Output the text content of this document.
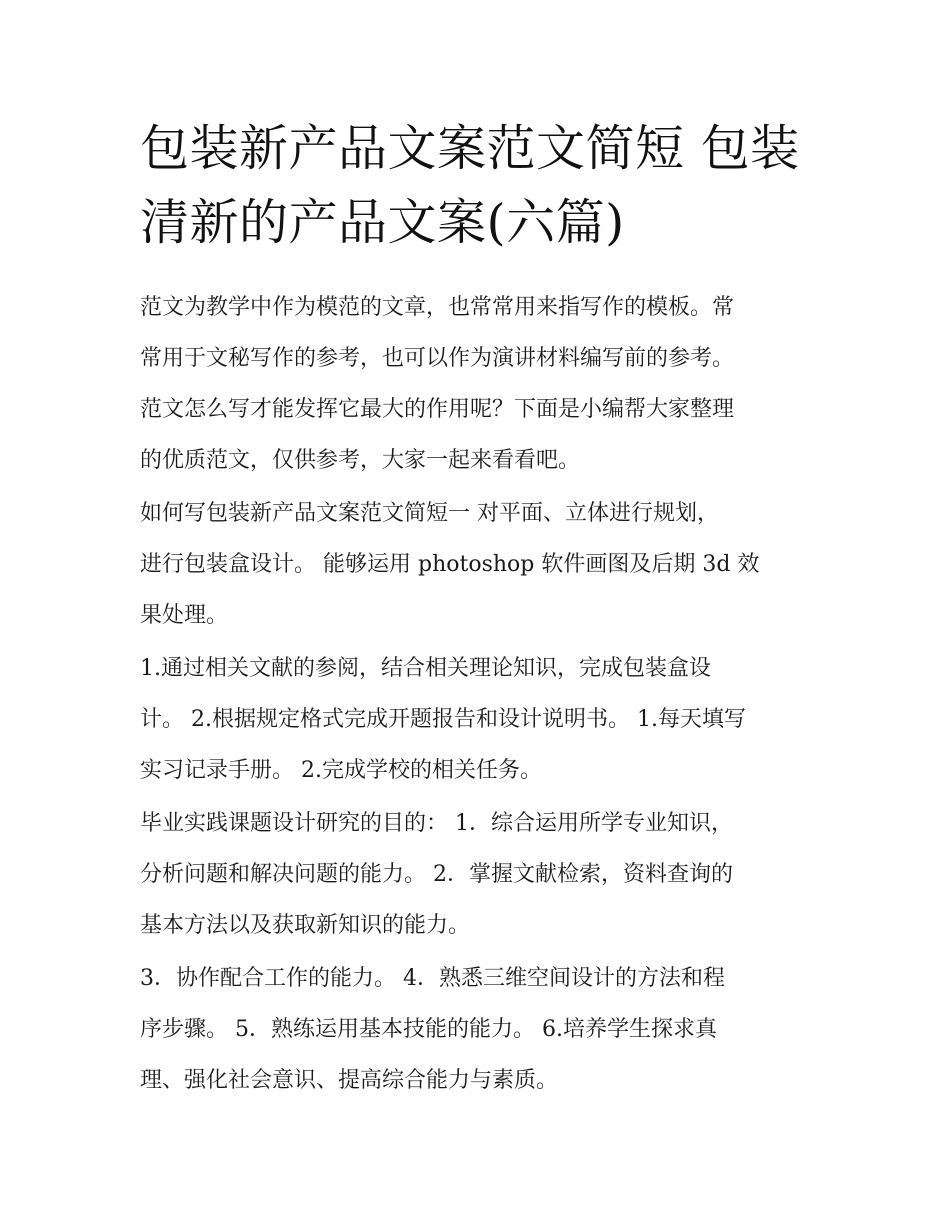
包装新产品文案范文简短 包装
清新的产品文案(六篇)

范文为教学中作为模范的文章，也常常用来指写作的模板。常
常用于文秘写作的参考，也可以作为演讲材料编写前的参考。
范文怎么写才能发挥它最大的作用呢？下面是小编帮大家整理
的优质范文，仅供参考，大家一起来看看吧。

如何写包装新产品文案范文简短一 对平面、立体进行规划，
进行包装盒设计。 能够运用 photoshop 软件画图及后期 3d 效
果处理。

1.通过相关文献的参阅，结合相关理论知识，完成包装盒设
计。 2.根据规定格式完成开题报告和设计说明书。 1.每天填写
实习记录手册。 2.完成学校的相关任务。

毕业实践课题设计研究的目的： 1．综合运用所学专业知识，
分析问题和解决问题的能力。 2．掌握文献检索，资料查询的
基本方法以及获取新知识的能力。

3．协作配合工作的能力。 4．熟悉三维空间设计的方法和程
序步骤。 5．熟练运用基本技能的能力。 6.培养学生探求真
理、强化社会意识、提高综合能力与素质。
